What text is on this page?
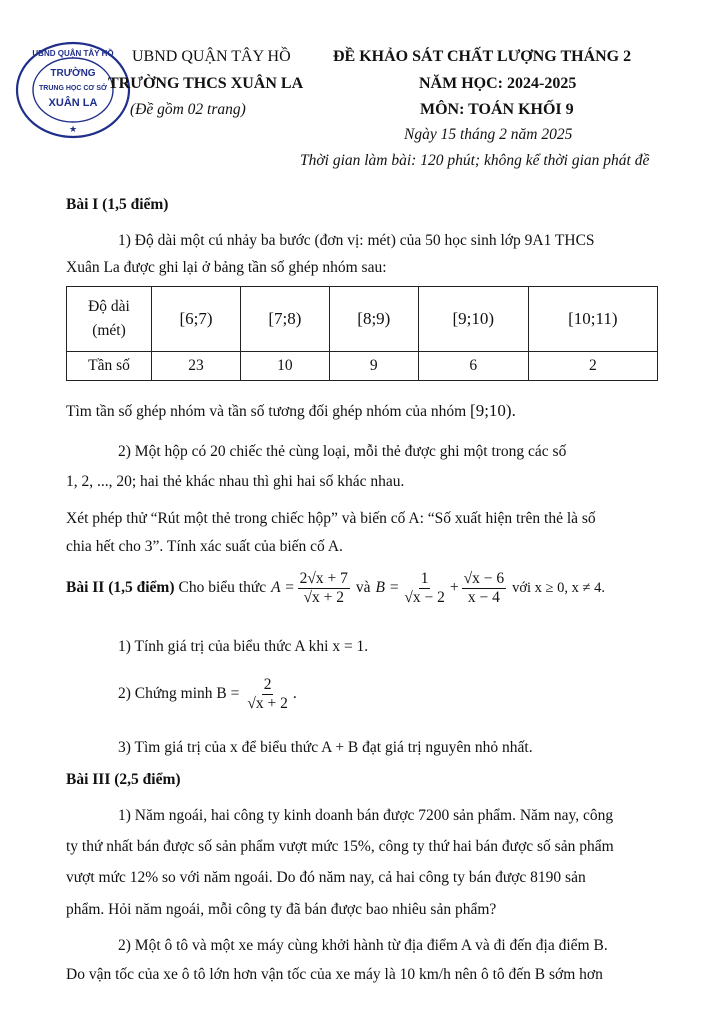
UBND QUẬN TÂY HỒ
TRƯỜNG
TRUNG HỌC CƠ SỞ
XUÂN LA
★
UBND QUẬN TÂY HỒ
TRƯỜNG THCS XUÂN LA
(Đề gồm 02 trang)
ĐỀ KHẢO SÁT CHẤT LƯỢNG THÁNG 2
NĂM HỌC: 2024-2025
MÔN: TOÁN KHỐI 9
Ngày 15 tháng 2 năm 2025
Thời gian làm bài: 120 phút; không kể thời gian phát đề
Bài I (1,5 điểm)
1) Độ dài một cú nhảy ba bước (đơn vị: mét) của 50 học sinh lớp 9A1 THCS
Xuân La được ghi lại ở bảng tần số ghép nhóm sau:
Độ dài
(mét)	[6;7)	[7;8)	[8;9)	[9;10)	[10;11)
Tần số	23	10	9	6	2
Tìm tần số ghép nhóm và tần số tương đối ghép nhóm của nhóm [9;10).
2) Một hộp có 20 chiếc thẻ cùng loại, mỗi thẻ được ghi một trong các số
1, 2, ..., 20; hai thẻ khác nhau thì ghi hai số khác nhau.
Xét phép thử “Rút một thẻ trong chiếc hộp” và biến cố A: “Số xuất hiện trên thẻ là số
chia hết cho 3”. Tính xác suất của biến cố A.
Bài II (1,5 điểm) Cho biểu thức $A = \frac{2√x + 7}{√x + 2}$ và $B = \frac{1}{√x - 2} + \frac{√x - 6}{x - 4}$ với x ≥ 0, x ≠ 4.
1) Tính giá trị của biểu thức A khi x = 1.
2) Chứng minh $B = \frac{2}{√x + 2}$ .
3) Tìm giá trị của x để biểu thức A + B đạt giá trị nguyên nhỏ nhất.
Bài III (2,5 điểm)
1) Năm ngoái, hai công ty kinh doanh bán được 7200 sản phẩm. Năm nay, công
ty thứ nhất bán được số sản phẩm vượt mức 15%, công ty thứ hai bán được số sản phẩm
vượt mức 12% so với năm ngoái. Do đó năm nay, cả hai công ty bán được 8190 sản
phẩm. Hỏi năm ngoái, mỗi công ty đã bán được bao nhiêu sản phẩm?
2) Một ô tô và một xe máy cùng khởi hành từ địa điểm A và đi đến địa điểm B.
Do vận tốc của xe ô tô lớn hơn vận tốc của xe máy là 10 km/h nên ô tô đến B sớm hơn
